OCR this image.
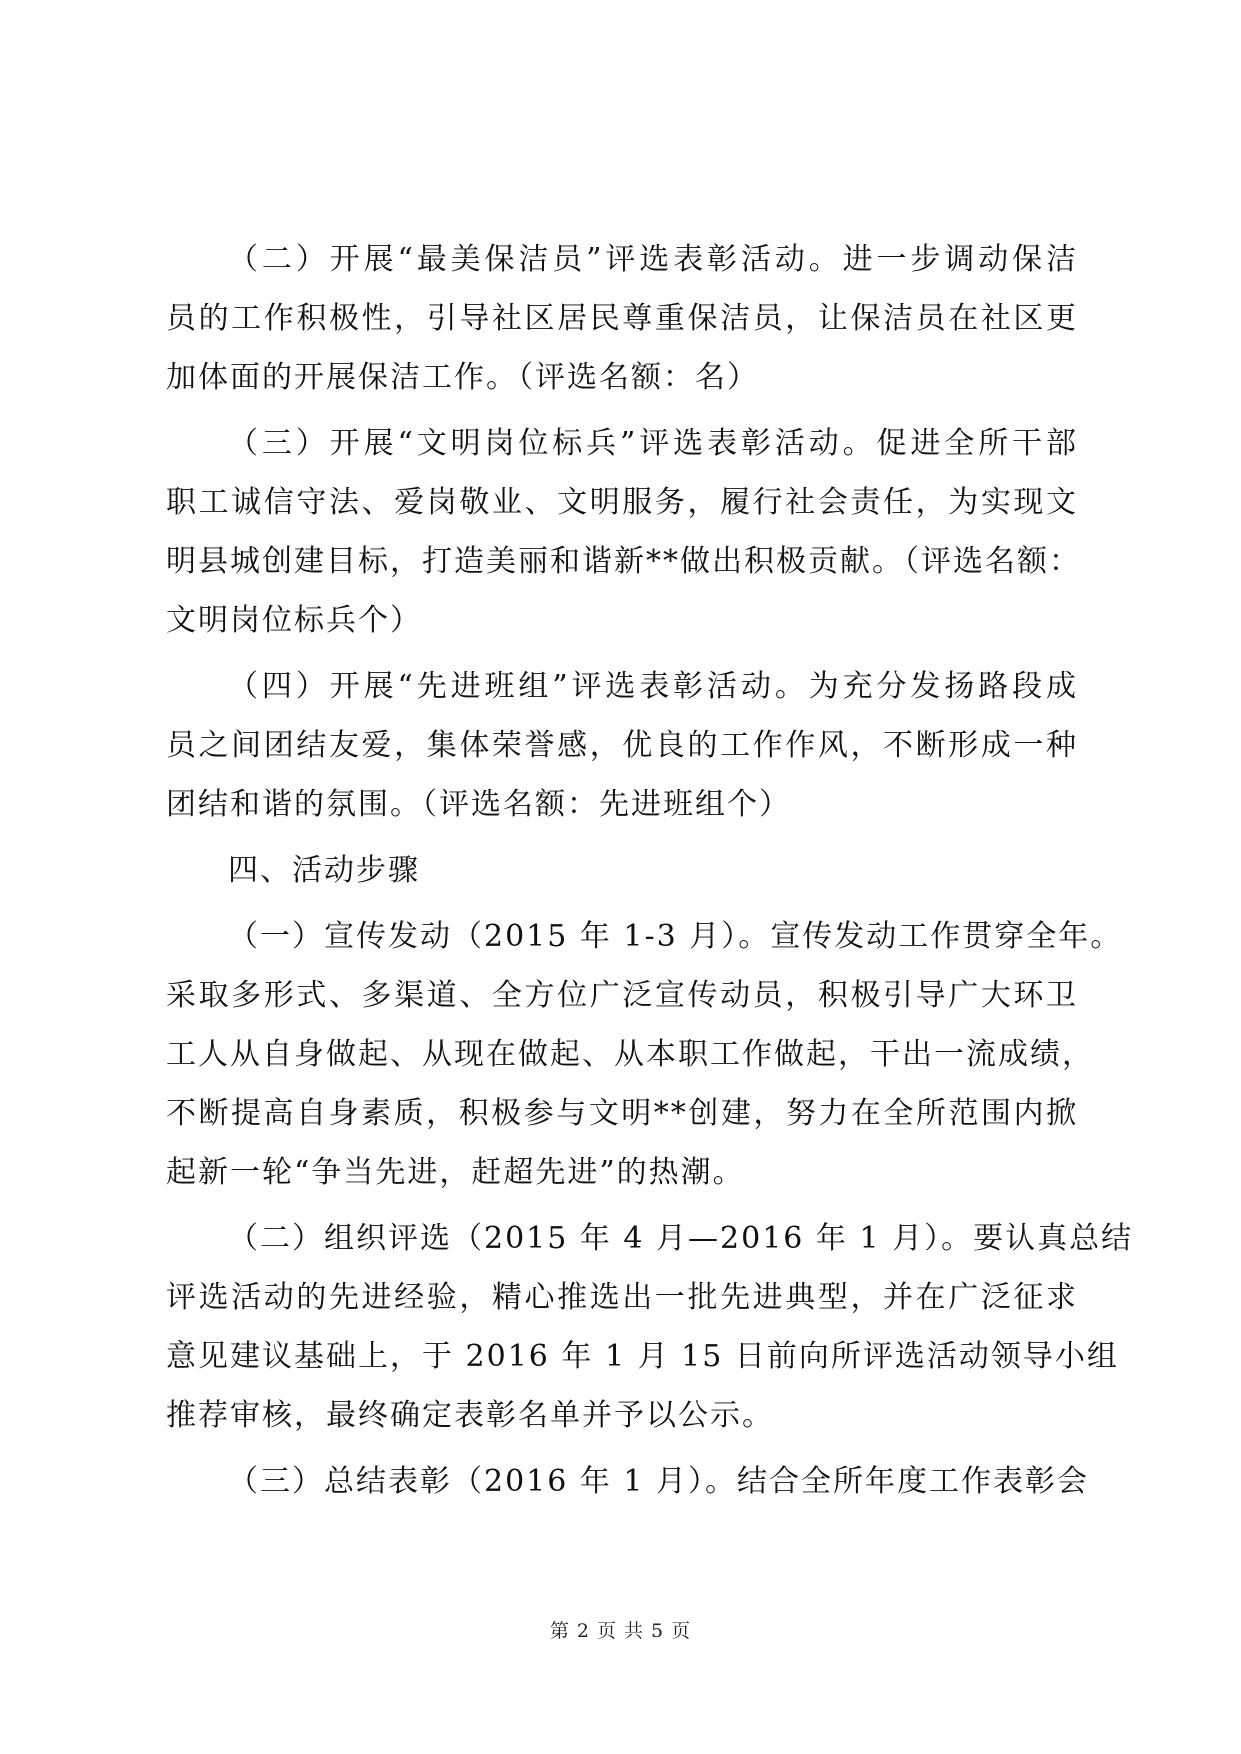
（二）开展“最美保洁员”评选表彰活动。进一步调动保洁
员的工作积极性，引导社区居民尊重保洁员，让保洁员在社区更
加体面的开展保洁工作。（评选名额：名）
（三）开展“文明岗位标兵”评选表彰活动。促进全所干部
职工诚信守法、爱岗敬业、文明服务，履行社会责任，为实现文
明县城创建目标，打造美丽和谐新**做出积极贡献。（评选名额：
文明岗位标兵个）
（四）开展“先进班组”评选表彰活动。为充分发扬路段成
员之间团结友爱，集体荣誉感，优良的工作作风，不断形成一种
团结和谐的氛围。（评选名额：先进班组个）
四、活动步骤
（一）宣传发动（2015 年 1-3 月）。宣传发动工作贯穿全年。
采取多形式、多渠道、全方位广泛宣传动员，积极引导广大环卫
工人从自身做起、从现在做起、从本职工作做起，干出一流成绩，
不断提高自身素质，积极参与文明**创建，努力在全所范围内掀
起新一轮“争当先进，赶超先进”的热潮。
（二）组织评选（2015 年 4 月—2016 年 1 月）。要认真总结
评选活动的先进经验，精心推选出一批先进典型，并在广泛征求
意见建议基础上，于 2016 年 1 月 15 日前向所评选活动领导小组
推荐审核，最终确定表彰名单并予以公示。
（三）总结表彰（2016 年 1 月）。结合全所年度工作表彰会
第 2 页 共 5 页
